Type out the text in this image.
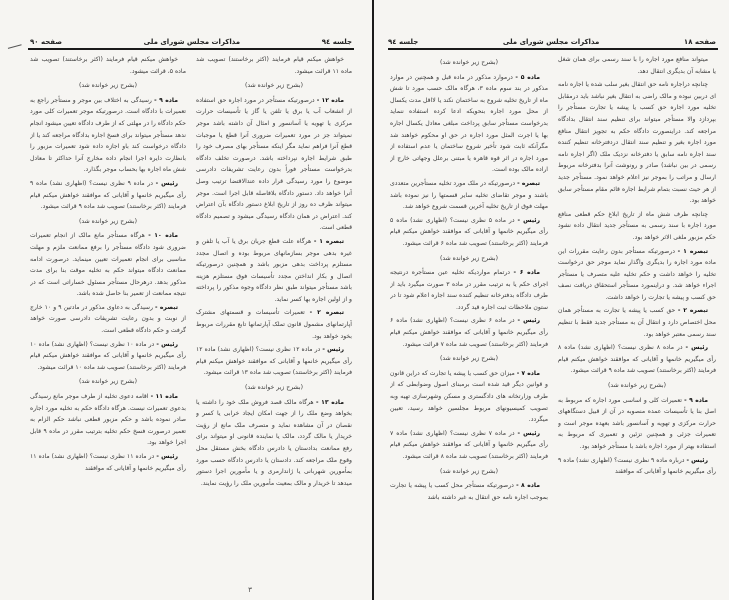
جلسه ۹٤
مذاکرات مجلس شورای ملی
صفحه ۹۰

خواهش میکنم قیام فرمایند (اکثر برخاستند) تصویب شد ماده ۵، قرائت میشود.

(بشرح زیر خوانده شد)

ماده ۹ - رسیدگی به اختلاف بین موجر و مستأجر راجع به تعمیرات با دادگاه است. درصورتیکه موجر تعمیرات کلی مورد حکم دادگاه را در مهلتی که از طرف دادگاه تعیین میشود انجام ندهد مستأجر میتواند برای فسخ اجاره بدادگاه مراجعه کند یا از دادگاه درخواست کند باو اجازه داده شود تعمیرات مزبور را بانظارت دایره اجرا انجام داده مخارج آنرا حداکثر تا معادل شش ماه اجاره بها بحساب موجر بگذارد.

رئیس - در ماده ۹ نظری نیست؟ (اظهاری نشد) ماده ۹ رأی میگیریم خانمها و آقایانی که موافقند خواهش میکنم قیام فرمایند (اکثر برخاستند) تصویب شد ماده ۹ قرائت میشود.

(بشرح زیر خوانده شد)

ماده ۱۰ - هرگاه مستأجر مانع مالک از انجام تعمیرات ضروری شود دادگاه مستأجر را برفع ممانعت ملزم و مهلت مناسبی برای انجام تعمیرات تعیین مینماید. درصورت ادامه ممانعت دادگاه میتواند حکم به تخلیه موقت بنا برای مدت مذکور بدهد. درهرحال مستأجر مسئول خساراتی است که در نتیجه ممانعت از تعمیر بنا حاصل شده باشد.

تبصره - رسیدگی به دعاوی مذکور در مادتین ۹ و ۱۰ خارج از نوبت و بدون رعایت تشریفات دادرسی صورت خواهد گرفت و حکم دادگاه قطعی است.

رئیس - در ماده ۱۰ نظری نیست؟ (اظهاری نشد) ماده ۱۰ رأی میگیریم خانمها و آقایانی که موافقند خواهش میکنم قیام فرمایند (اکثر برخاستند) تصویب شد ماده ۱۰ قرائت میشود.

(بشرح زیر خوانده شد)

ماده ۱۱ - اقامه دعوی تخلیه از طرف موجر مانع رسیدگی بدعوی تعمیرات نیست. هرگاه دادگاه حکم به تخلیه مورد اجاره صادر نموده باشد و حکم مزبور قطعی نباشد حکم الزام به تعمیر درصورت فسخ حکم تخلیه بترتیب مقرر در ماده ۹ قابل اجرا خواهد بود.

رئیس - در ماده ۱۱ نظری نیست؟ (اظهاری نشد) ماده ۱۱ رأی میگیریم خانمها و آقایانی که موافقند

خواهش میکنم قیام فرمایند (اکثر برخاستند) تصویب شد ماده ۱۱ قرائت میشود.

(بشرح زیر خوانده شد)

ماده ۱۲ - درصورتیکه مستأجر در مورد اجاره حق استفاده از انشعاب آب یا برق یا تلفن یا گاز یا تأسیسات حرارت مرکزی یا تهویه یا آسانسور و امثال آن داشته باشد موجر نمیتواند جز در مورد تعمیرات ضروری آنرا قطع یا موجبات قطع آنرا فراهم نماید مگر اینکه مستأجر بهای مصرف خود را طبق شرایط اجاره نپرداخته باشد. درصورت تخلف دادگاه بدرخواست مستأجر فوراً بدون رعایت تشریفات دادرسی موضوع را مورد رسیدگی قرار داده عندالاقتضا ترتیب وصل آنرا خواهد داد. دستور دادگاه بلافاصله قابل اجرا است. موجر میتواند ظرف ده روز از تاریخ ابلاغ دستور دادگاه بآن اعتراض کند. اعتراض در همان دادگاه رسیدگی میشود و تصمیم دادگاه قطعی است.

تبصره ۱ - هرگاه علت قطع جریان برق یا آب یا تلفن و غیره بدهی موجر بسازمانهای مربوط بوده و اتصال مجدد مستلزم پرداخت بدهی مزبور باشد و همچنین درصورتیکه اتصال و بکار انداختن مجدد تأسیسات فوق مستلزم هزینه باشد مستأجر میتواند طبق نظر دادگاه وجوه مذکور را پرداخته و از اولین اجاره بها کسر نماید.

تبصره ۲ - تعمیرات تأسیسات و قسمتهای مشترک آپارتمانهای مشمول قانون تملک آپارتمانها تابع مقررات مربوط بخود خواهد بود.

رئیس - در ماده ۱۲ نظری نیست؟ (اظهاری نشد) ماده ۱۲ رأی میگیریم خانمها و آقایانی که موافقند خواهش میکنم قیام فرمایند (اکثر برخاستند) تصویب شد ماده ۱۳ قرائت میشود.

(بشرح زیر خوانده شد)

ماده ۱۳ - هرگاه مالک قصد فروش ملک خود را داشته یا بخواهد وضع ملک را از جهت امکان ایجاد خرابی یا کسر و نقصان در آن مشاهده نماید و متصرف ملک مانع از رؤیت خریدار یا مالک گردد، مالک یا نماینده قانونی او میتواند برای رفع ممانعت بدادستان یا دادرس دادگاه بخش مستقل محل وقوع ملک مراجعه کند. دادستان یا دادرس دادگاه حسب مورد بمأمورین شهربانی یا ژاندارمری و یا مأمورین اجرا دستور میدهد تا خریدار و مالک بمعیت مأمورین ملک را رؤیت نمایند.

۳
صفحه ۱۸
مذاکرات مجلس شورای ملی
جلسه ۹٤

(بشرح زیر خوانده شد)

ماده ۵ - درموارد مذکور در ماده قبل و همچنین در موارد مذکور در بند سوم ماده ۳، هرگاه مالک حسب مورد تا شش ماه از تاریخ تخلیه شروع به ساختمان نکند یا لااقل مدت یکسال از محل مورد اجاره بنحویکه ادعا کرده استفاده ننماید بدرخواست مستأجر سابق پرداخت مبلغی معادل یکسال اجاره بها یا اجرت المثل مورد اجاره در حق او محکوم خواهند شد مگرآنکه ثابت شود تأخیر شروع ساختمان یا عدم استفاده از مورد اجاره در اثر قوه قاهره یا مبتنی برعلل وجهاتی خارج از اراده مالک بوده است.

تبصره - درصورتیکه در ملک مورد تخلیه مستأجرین متعددی باشند و موجر تقاضای تخلیه سایر قسمتها را نیز نموده باشد مهلت فوق از تاریخ تخلیه آخرین قسمت شروع خواهد شد.

رئیس - در ماده ۵ نظری نیست؟ (اظهاری نشد) ماده ۵ رأی میگیریم خانمها و آقایانی که موافقند خواهش میکنم قیام فرمایند (اکثر برخاستند) تصویب شد ماده ۶ قرائت میشود.

(بشرح زیر خوانده شد)

ماده ۶ - درتمام مواردیکه تخلیه عین مستأجره درنتیجه اجرای حکم یا به ترتیب مقرر در ماده ۳ صورت میگیرد باید از طرف دادگاه بدفترخانه تنظیم کننده سند اجاره اعلام شود تا در ستون ملاحظات ثبت اجاره قید گردد.

رئیس - در ماده ۶ نظری نیست؟ (اظهاری نشد) ماده ۶ رأی میگیریم خانمها و آقایانی که موافقند خواهش میکنم قیام فرمایند (اکثر برخاستند) تصویب شد ماده ۷ قرائت میشود.

(بشرح زیر خوانده شد)

ماده ۷ - میزان حق کسب یا پیشه یا تجارت که دراین قانون و قوانین دیگر قید شده است برمبنای اصول وضوابطی که از طرف وزارتخانه های دادگستری و مسکن وشهرسازی تهیه وبه تصویب کمیسیونهای مربوط مجلسین خواهد رسید، تعیین میگردد.

رئیس - در ماده ۷ نظری نیست؟ (اظهاری نشد) ماده ۷ رأی میگیریم خانمها و آقایانی که موافقند خواهش میکنم قیام فرمایند (اکثر برخاستند) تصویب شد ماده ۸ قرائت میشود.

(بشرح زیر خوانده شد)

ماده ۸ - درصورتیکه مستأجر محل کسب یا پیشه یا تجارت بموجب اجاره نامه حق انتقال به غیر داشته باشد

میتواند منافع مورد اجاره را با سند رسمی برای همان شغل یا مشابه آن بدیگری انتقال دهد.

چنانچه دراجاره نامه حق انتقال بغیر سلب شده یا اجاره نامه ای دربین نبوده و مالک راضی به انتقال بغیر نباشد باید درمقابل تخلیه مورد اجاره حق کسب یا پیشه یا تجارت مستأجر را بپردازد والا مستأجر میتواند برای تنظیم سند انتقال بدادگاه مراجعه کند. دراینصورت دادگاه حکم به تجویز انتقال منافع مورد اجاره بغیر و تنظیم سند انتقال دردفترخانه تنظیم کننده سند اجاره نامه سابق یا دفترخانه نزدیک ملک (اگر اجاره نامه رسمی در بین نباشد) صادر و رونوشت آنرا بدفترخانه مربوط ارسال و مراتب را بموجر نیز اعلام خواهد نمود. مستأجر جدید از هر حیث نسبت بتمام شرایط اجاره قائم مقام مستأجر سابق خواهد بود.

چنانچه ظرف شش ماه از تاریخ ابلاغ حکم قطعی منافع مورد اجاره با سند رسمی به مستأجر جدید انتقال داده نشود حکم مزبور ملغی الاثر خواهد بود.

تبصره ۱ - درصورتیکه مستأجر بدون رعایت مقررات این ماده مورد اجاره را بدیگری واگذار نماید موجر حق درخواست تخلیه را خواهد داشت و حکم تخلیه علیه متصرف یا مستأجر اجراء خواهد شد. و دراینمورد مستأجر استحقاق دریافت نصف حق کسب و پیشه یا تجارت را خواهد داشت.

تبصره ۲ - حق کسب یا پیشه یا تجارت به مستأجر همان محل اختصاص دارد و انتقال آن به مستأجر جدید فقط با تنظیم سند رسمی معتبر خواهد بود.

رئیس - در ماده ۸ نظری نیست؟ (اظهاری نشد) ماده ۸ رأی میگیریم خانمها و آقایانی که موافقند خواهش میکنم قیام فرمایند (اکثر برخاستند) تصویب شد ماده ۹ قرائت میشود.

(بشرح زیر خوانده شد)

ماده ۹ - تعمیرات کلی و اساسی مورد اجاره که مربوط به اصل بنا یا تأسیسات عمده منصوبه در آن از قبیل دستگاههای حرارت مرکزی و تهویه و آسانسور باشد بعهده موجر است و تعمیرات جزئی و همچنین تزئین و تعمیری که مربوط به استفاده بهتر از مورد اجاره باشد با مستأجر خواهد بود.

رئیس - درباره ماده ۹ نظری نیست؟ (اظهاری نشد) ماده ۹ رأی میگیریم خانمها و آقایانی که موافقند
